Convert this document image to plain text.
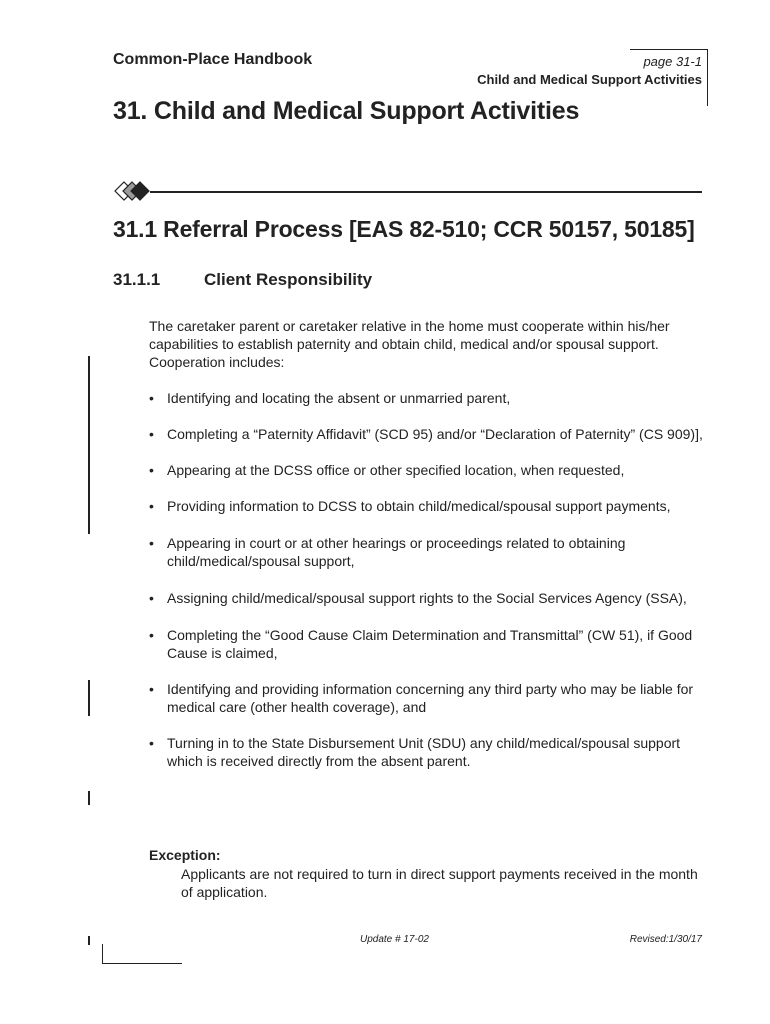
Common-Place Handbook	page 31-1
Child and Medical Support Activities
31. Child and Medical Support Activities
31.1 Referral Process [EAS 82-510; CCR 50157, 50185]
31.1.1	Client Responsibility
The caretaker parent or caretaker relative in the home must cooperate within his/her capabilities to establish paternity and obtain child, medical and/or spousal support. Cooperation includes:
• Identifying and locating the absent or unmarried parent,
• Completing a “Paternity Affidavit” (SCD 95) and/or “Declaration of Paternity” (CS 909)],
• Appearing at the DCSS office or other specified location, when requested,
• Providing information to DCSS to obtain child/medical/spousal support payments,
• Appearing in court or at other hearings or proceedings related to obtaining child/medical/spousal support,
• Assigning child/medical/spousal support rights to the Social Services Agency (SSA),
• Completing the “Good Cause Claim Determination and Transmittal” (CW 51), if Good Cause is claimed,
• Identifying and providing information concerning any third party who may be liable for medical care (other health coverage), and
• Turning in to the State Disbursement Unit (SDU) any child/medical/spousal support which is received directly from the absent parent.
Exception:
Applicants are not required to turn in direct support payments received in the month of application.
Update # 17-02	Revised:1/30/17
